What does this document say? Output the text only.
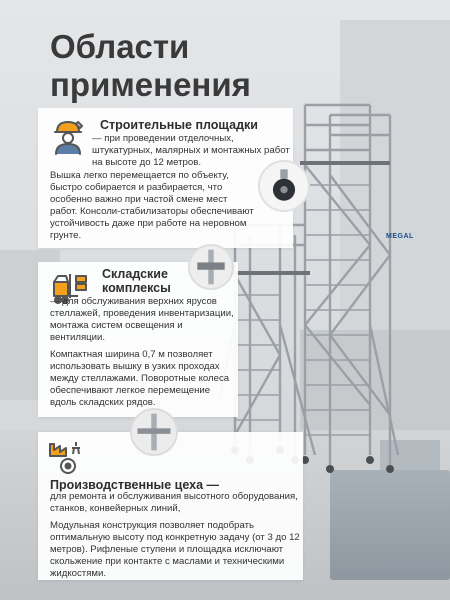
MEGAL
Области
применения
Строительные площадки
— при проведении отделочных, штукатурных, малярных и монтажных работ на высоте до 12 метров.
Вышка легко перемещается по объекту, быстро собирается и разбирается, что особенно важно при частой смене мест работ. Консоли-стабилизаторы обеспечивают устойчивость даже при работе на неровном грунте.
Складские комплексы
— для обслуживания верхних ярусов стеллажей, проведения инвентаризации, монтажа систем освещения и вентиляции.
Компактная ширина 0,7 м позволяет использовать вышку в узких проходах между стеллажами. Поворотные колеса обеспечивают легкое перемещение вдоль складских рядов.
Производственные цеха —
для ремонта и обслуживания высотного оборудования, станков, конвейерных линий,
Модульная конструкция позволяет подобрать оптимальную высоту под конкретную задачу (от 3 до 12 метров). Рифленые ступени и площадка исключают скольжение при контакте с маслами и техническими жидкостями.
